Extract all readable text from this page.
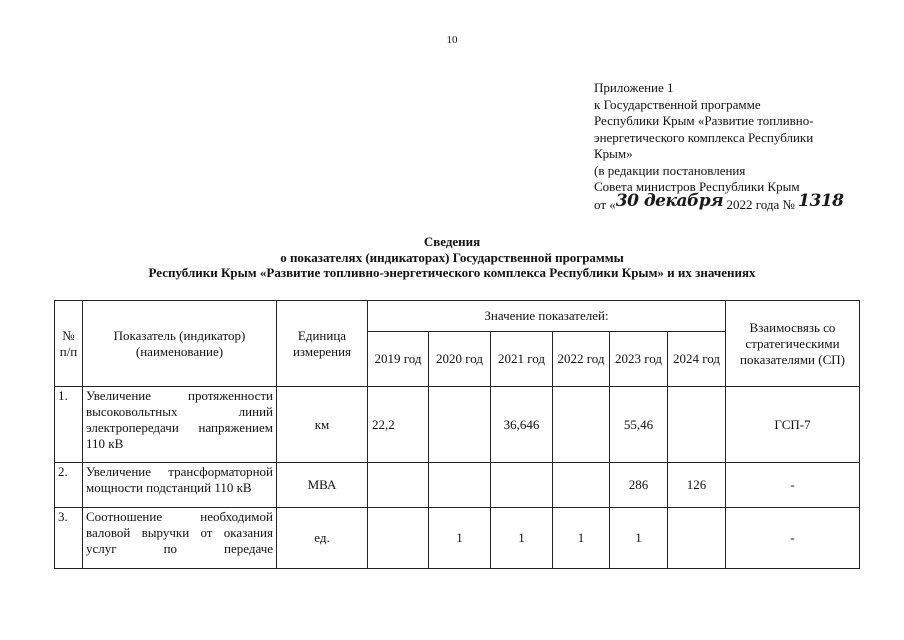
10
Приложение 1
к Государственной программе
Республики Крым «Развитие топливно-
энергетического комплекса Республики
Крым»
(в редакции постановления
Совета министров Республики Крым
от «30 декабря 2022 года № 1318
Сведения
о показателях (индикаторах) Государственной программы
Республики Крым «Развитие топливно-энергетического комплекса Республики Крым» и их значениях
№ п/п	Показатель (индикатор) (наименование)	Единица измерения	Значение показателей:						Взаимосвязь со стратегическими показателями (СП)
			2019 год	2020 год	2021 год	2022 год	2023 год	2024 год	
1.	Увеличение протяженности
высоковольтных линий
электропередачи напряжением
110 кВ	км	22,2		36,646		55,46		ГСП-7
2.	Увеличение трансформаторной
мощности подстанций 110 кВ	МВА					286	126	-
3.	Соотношение необходимой
валовой выручки от оказания
услуг по передаче	ед.		1	1	1	1		-
